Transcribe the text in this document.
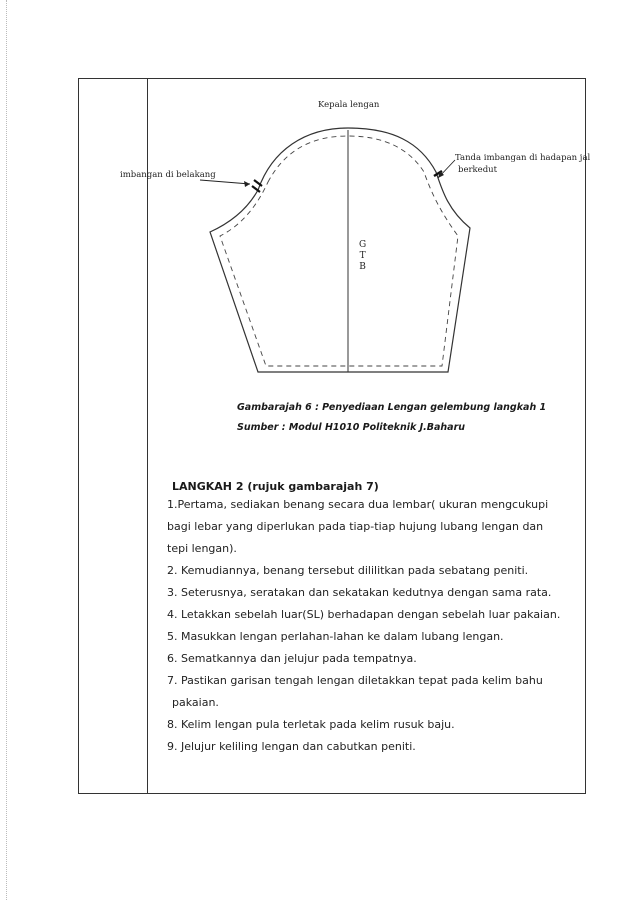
Kepala lengan
imbangan di belakang
Tanda imbangan di hadapan jal
berkedut
G
T
B
Gambarajah 6 : Penyediaan Lengan gelembung langkah 1
Sumber : Modul H1010 Politeknik J.Baharu
LANGKAH 2 (rujuk gambarajah 7)
1.Pertama, sediakan benang secara dua lembar( ukuran mengcukupi
bagi lebar yang diperlukan pada tiap-tiap hujung lubang lengan dan
tepi lengan).
2. Kemudiannya, benang tersebut dililitkan pada sebatang peniti.
3. Seterusnya, seratakan dan sekatakan kedutnya dengan sama rata.
4. Letakkan sebelah luar(SL) berhadapan dengan sebelah luar pakaian.
5. Masukkan lengan perlahan-lahan ke dalam lubang lengan.
6. Sematkannya dan jelujur pada tempatnya.
7. Pastikan garisan tengah lengan diletakkan tepat pada kelim bahu
pakaian.
8. Kelim lengan pula terletak pada kelim rusuk baju.
9. Jelujur keliling lengan dan cabutkan peniti.
